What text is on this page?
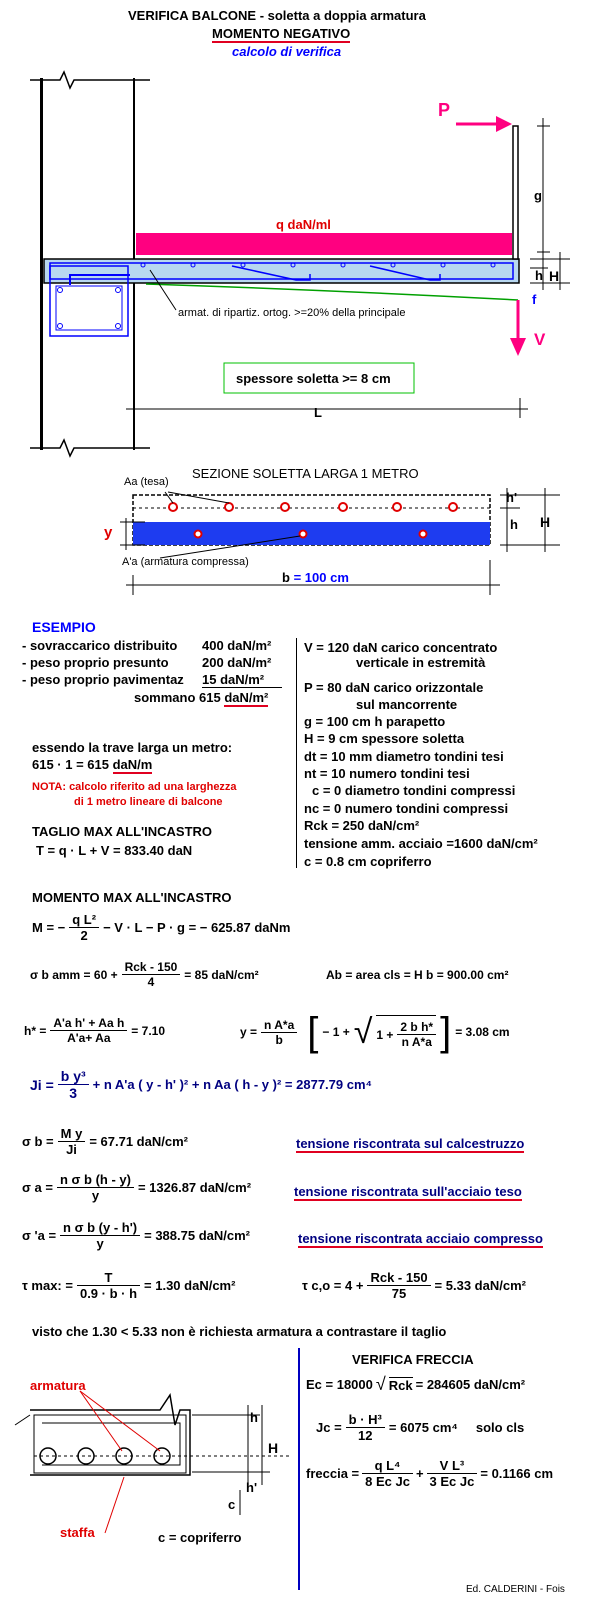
VERIFICA BALCONE - soletta a doppia armatura
MOMENTO NEGATIVO
calcolo di verifica
P
g
q daN/ml
h H
f
V
armat. di ripartiz. ortog. >=20% della principale
spessore soletta >= 8 cm
L
SEZIONE SOLETTA LARGA 1 METRO
Aa (tesa)
A'a (armatura compressa)
y
h'
h H
b = 100 cm
ESEMPIO
- sovraccarico distribuito 400 daN/m²
- peso proprio presunto	200 daN/m²
- peso proprio pavimentaz 15 daN/m²
sommano 615 daN/m²
essendo la trave larga un metro:
615 · 1 = 615 daN/m
NOTA: calcolo riferito ad una larghezza
di 1 metro lineare di balcone
TAGLIO MAX ALL'INCASTRO
T = q · L + V = 833.40 daN
V = 120 daN carico concentrato
verticale in estremità
P = 80 daN carico orizzontale
sul mancorrente
g = 100 cm h parapetto
H = 9 cm spessore soletta
dt = 10 mm diametro tondini tesi
nt = 10 numero tondini tesi
c = 0 diametro tondini compressi
nc = 0 numero tondini compressi
Rck = 250 daN/cm²
tensione amm. acciaio =1600 daN/cm²
c = 0.8 cm copriferro
MOMENTO MAX ALL'INCASTRO
M = − $\frac{\text{q L²}}{2} - V \cdot L - P \cdot g$ = − 625.87 daNm
σ b amm = $60 + \frac{\text{Rck - 150}}{4} = 85$ daN/cm²	Ab = area cls = H b = 900.00 cm²
$h* = \frac{\text{A'a h' + Aa h}}{A'a+ Aa} = 7.10$	$y = \frac{\text{n A*a}}{b}$ [ − 1 + √ $1 + \frac{\text{2 b h*}}{\text{n A*a}}$ ] = 3.08 cm
$Ji = \frac{\text{b y³}}{3} + n$ A'a ( y - h' )² + n Aa ( h - y )² = 2877.79 cm⁴
σ $b = \frac{\text{M y}}{Ji} = 67.71$ daN/cm²	tensione riscontrata sul calcestruzzo
σ $a = \frac{\text{n σ b (h - y)}}{y} = 1326.87$ daN/cm²	tensione riscontrata sull'acciaio teso
σ '$a = \frac{\text{n σ b (y - h')}}{y} = 388.75$ daN/cm²	tensione riscontrata acciaio compresso
τ max: = $\frac{T}{0.9 \cdot b \cdot h} = 1.30$ daN/cm²	τ $c,o = 4 + \frac{\text{Rck - 150}}{75} = 5.33$ daN/cm²
visto che 1.30 < 5.33 non è richiesta armatura a contrastare il taglio
armatura
staffa	c = copriferro
h
H
h'
c
VERIFICA FRECCIA
Ec = 18000 √ Rck = 284605 daN/cm²
$Jc = \frac{\text{b · H³}}{12} = 6075$ cm⁴ solo cls
freccia = $\frac{\text{q L⁴}}{\text{8 Ec Jc}} + \frac{\text{V L³}}{\text{3 Ec Jc}} = 0.1166$ cm
Ed. CALDERINI - Fois
